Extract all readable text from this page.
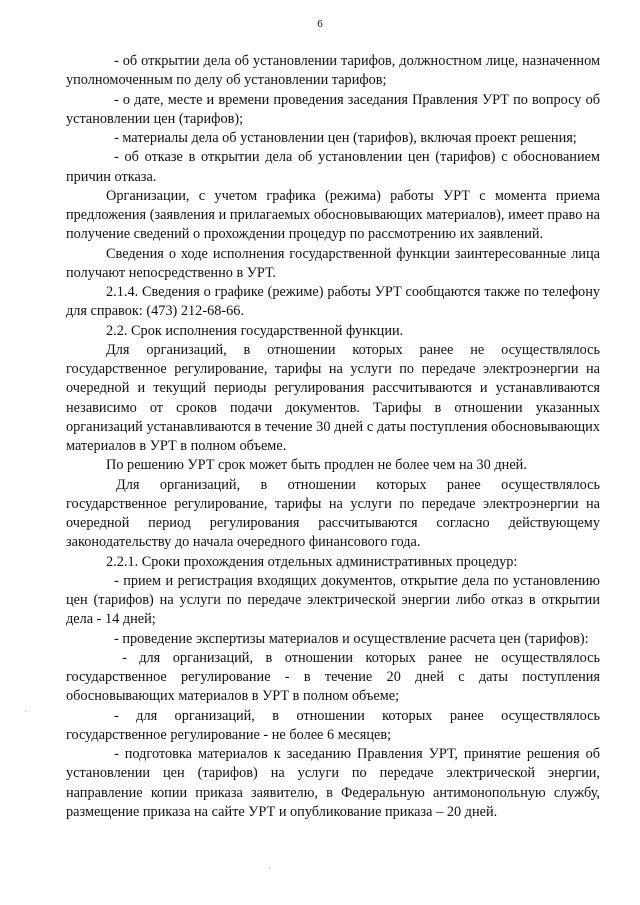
6

- об открытии дела об установлении тарифов, должностном лице, назначенном уполномоченным по делу об установлении тарифов;

- о дате, месте и времени проведения заседания Правления УРТ по вопросу об установлении цен (тарифов);

- материалы дела об установлении цен (тарифов), включая проект решения;

- об отказе в открытии дела об установлении цен (тарифов) с обоснованием причин отказа.

Организации, с учетом графика (режима) работы УРТ с момента приема предложения (заявления и прилагаемых обосновывающих материалов), имеет право на получение сведений о прохождении процедур по рассмотрению их заявлений.

Сведения о ходе исполнения государственной функции заинтересованные лица получают непосредственно в УРТ.

2.1.4. Сведения о графике (режиме) работы УРТ сообщаются также по телефону для справок: (473) 212-68-66.

2.2. Срок исполнения государственной функции.

Для организаций, в отношении которых ранее не осуществлялось государственное регулирование, тарифы на услуги по передаче электроэнергии на очередной и текущий периоды регулирования рассчитываются и устанавливаются независимо от сроков подачи документов. Тарифы в отношении указанных организаций устанавливаются в течение 30 дней с даты поступления обосновывающих материалов в УРТ в полном объеме.

По решению УРТ срок может быть продлен не более чем на 30 дней.

Для организаций, в отношении которых ранее осуществлялось государственное регулирование, тарифы на услуги по передаче электроэнергии на очередной период регулирования рассчитываются согласно действующему законодательству до начала очередного финансового года.

2.2.1. Сроки прохождения отдельных административных процедур:

- прием и регистрация входящих документов, открытие дела по установлению цен (тарифов) на услуги по передаче электрической энергии либо отказ в открытии дела - 14 дней;

- проведение экспертизы материалов и осуществление расчета цен (тарифов):

- для организаций, в отношении которых ранее не осуществлялось государственное регулирование - в течение 20 дней с даты поступления обосновывающих материалов в УРТ в полном объеме;

- для организаций, в отношении которых ранее осуществлялось государственное регулирование - не более 6 месяцев;

- подготовка материалов к заседанию Правления УРТ, принятие решения об установлении цен (тарифов) на услуги по передаче электрической энергии, направление копии приказа заявителю, в Федеральную антимонопольную службу, размещение приказа на сайте УРТ и опубликование приказа – 20 дней.

·
·
